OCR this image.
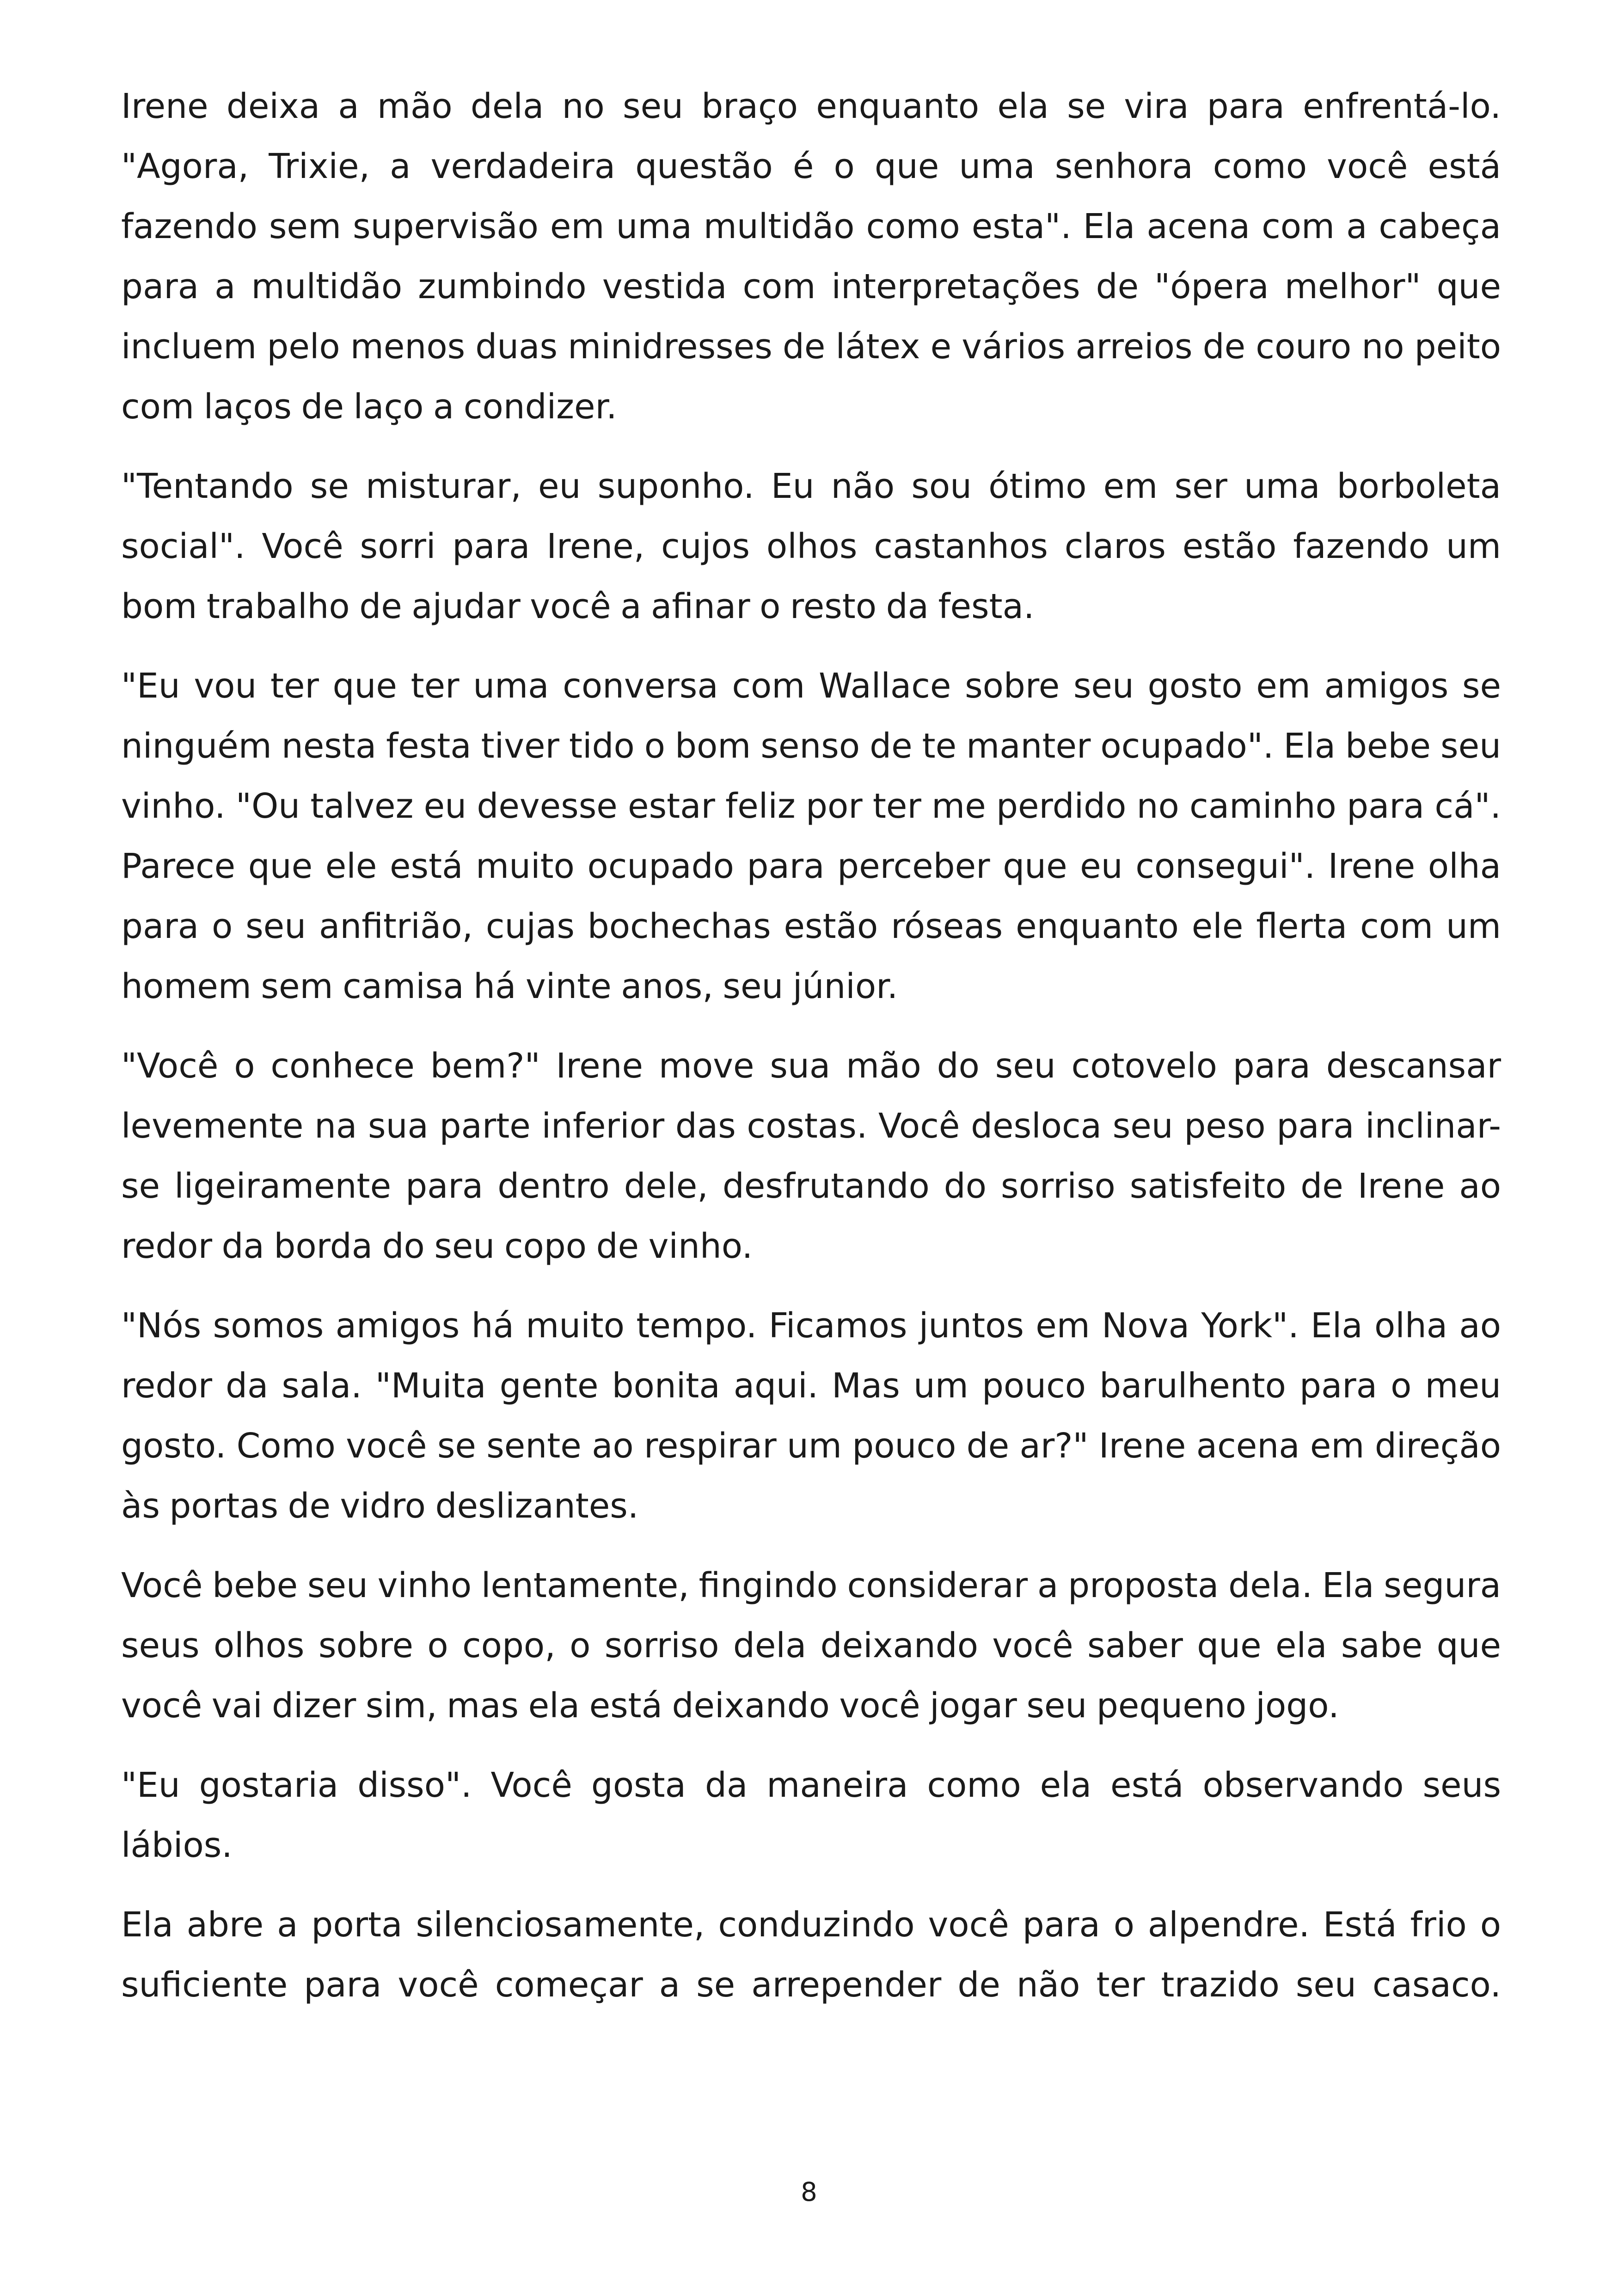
Irene deixa a mão dela no seu braço enquanto ela se vira para enfrentá-lo. "Agora, Trixie, a verdadeira questão é o que uma senhora como você está fazendo sem supervisão em uma multidão como esta". Ela acena com a cabeça para a multidão zumbindo vestida com interpretações de "ópera melhor" que incluem pelo menos duas minidresses de látex e vários arreios de couro no peito com laços de laço a condizer.

"Tentando se misturar, eu suponho. Eu não sou ótimo em ser uma borboleta social". Você sorri para Irene, cujos olhos castanhos claros estão fazendo um bom trabalho de ajudar você a afinar o resto da festa.

"Eu vou ter que ter uma conversa com Wallace sobre seu gosto em amigos se ninguém nesta festa tiver tido o bom senso de te manter ocupado". Ela bebe seu vinho. "Ou talvez eu devesse estar feliz por ter me perdido no caminho para cá". Parece que ele está muito ocupado para perceber que eu consegui". Irene olha para o seu anfitrião, cujas bochechas estão róseas enquanto ele flerta com um homem sem camisa há vinte anos, seu júnior.

"Você o conhece bem?" Irene move sua mão do seu cotovelo para descansar levemente na sua parte inferior das costas. Você desloca seu peso para inclinar-se ligeiramente para dentro dele, desfrutando do sorriso satisfeito de Irene ao redor da borda do seu copo de vinho.

"Nós somos amigos há muito tempo. Ficamos juntos em Nova York". Ela olha ao redor da sala. "Muita gente bonita aqui. Mas um pouco barulhento para o meu gosto. Como você se sente ao respirar um pouco de ar?" Irene acena em direção às portas de vidro deslizantes.

Você bebe seu vinho lentamente, fingindo considerar a proposta dela. Ela segura seus olhos sobre o copo, o sorriso dela deixando você saber que ela sabe que você vai dizer sim, mas ela está deixando você jogar seu pequeno jogo.

"Eu gostaria disso". Você gosta da maneira como ela está observando seus lábios.

Ela abre a porta silenciosamente, conduzindo você para o alpendre. Está frio o suficiente para você começar a se arrepender de não ter trazido seu casaco.

8
